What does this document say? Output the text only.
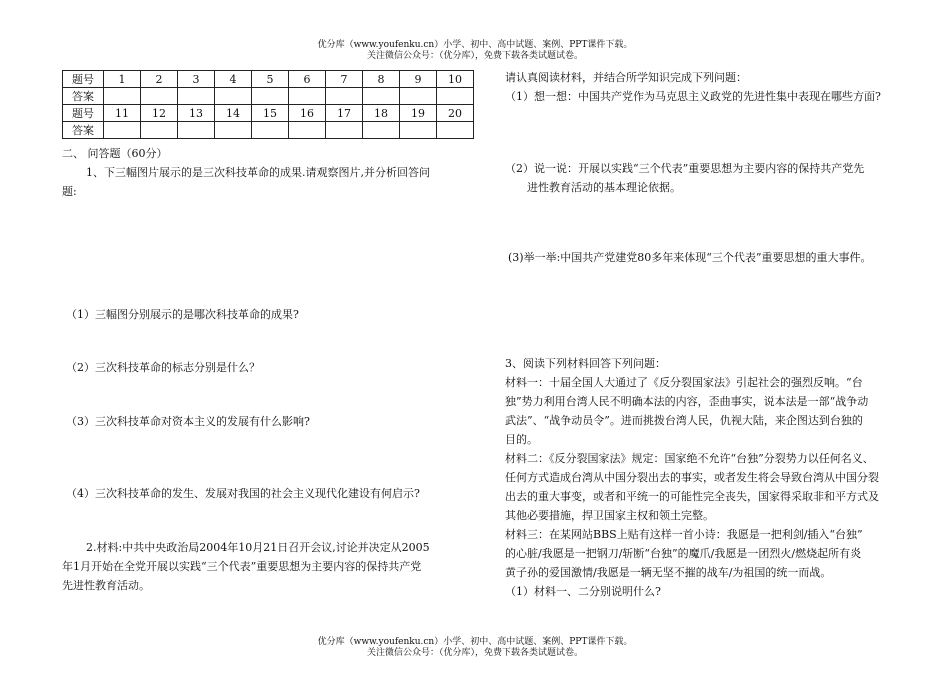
优分库（www.youfenku.cn）小学、初中、高中试题、案例、PPT课件下载。
关注微信公众号：（优分库），免费下载各类试题试卷。
题号	1	2	3	4	5	6	7	8	9	10
答案										
题号	11	12	13	14	15	16	17	18	19	20
答案										
二、 问答题（60分）
1、下三幅图片展示的是三次科技革命的成果.请观察图片,并分析回答问
题:
（1）三幅图分别展示的是哪次科技革命的成果?
（2）三次科技革命的标志分别是什么？
（3）三次科技革命对资本主义的发展有什么影响?
（4）三次科技革命的发生、发展对我国的社会主义现代化建设有何启示?
2.材料:中共中央政治局2004年10月21日召开会议,讨论并决定从2005
年1月开始在全党开展以实践“三个代表”重要思想为主要内容的保持共产党
先进性教育活动。
请认真阅读材料，并结合所学知识完成下列问题：
（1）想一想：中国共产党作为马克思主义政党的先进性集中表现在哪些方面?
（2）说一说：开展以实践“三个代表”重要思想为主要内容的保持共产党先
进性教育活动的基本理论依据。
(3)举一举:中国共产党建党80多年来体现“三个代表”重要思想的重大事件。
3、阅读下列材料回答下列问题：
材料一：十届全国人大通过了《反分裂国家法》引起社会的强烈反响。“台
独”势力利用台湾人民不明确本法的内容，歪曲事实，说本法是一部“战争动
武法”、“战争动员令”。进而挑拨台湾人民，仇视大陆，来企图达到台独的
目的。
材料二：《反分裂国家法》规定：国家绝不允许“台独”分裂势力以任何名义、
任何方式造成台湾从中国分裂出去的事实，或者发生将会导致台湾从中国分裂
出去的重大事变，或者和平统一的可能性完全丧失，国家得采取非和平方式及
其他必要措施，捍卫国家主权和领土完整。
材料三：在某网站BBS上贴有这样一首小诗：我愿是一把利剑/插入“台独”
的心脏/我愿是一把钢刀/斩断“台独”的魔爪/我愿是一团烈火/燃烧起所有炎
黄子孙的爱国激情/我愿是一辆无坚不摧的战车/为祖国的统一而战。
（1）材料一、二分别说明什么?
优分库（www.youfenku.cn）小学、初中、高中试题、案例、PPT课件下载。
关注微信公众号：（优分库），免费下载各类试题试卷。
